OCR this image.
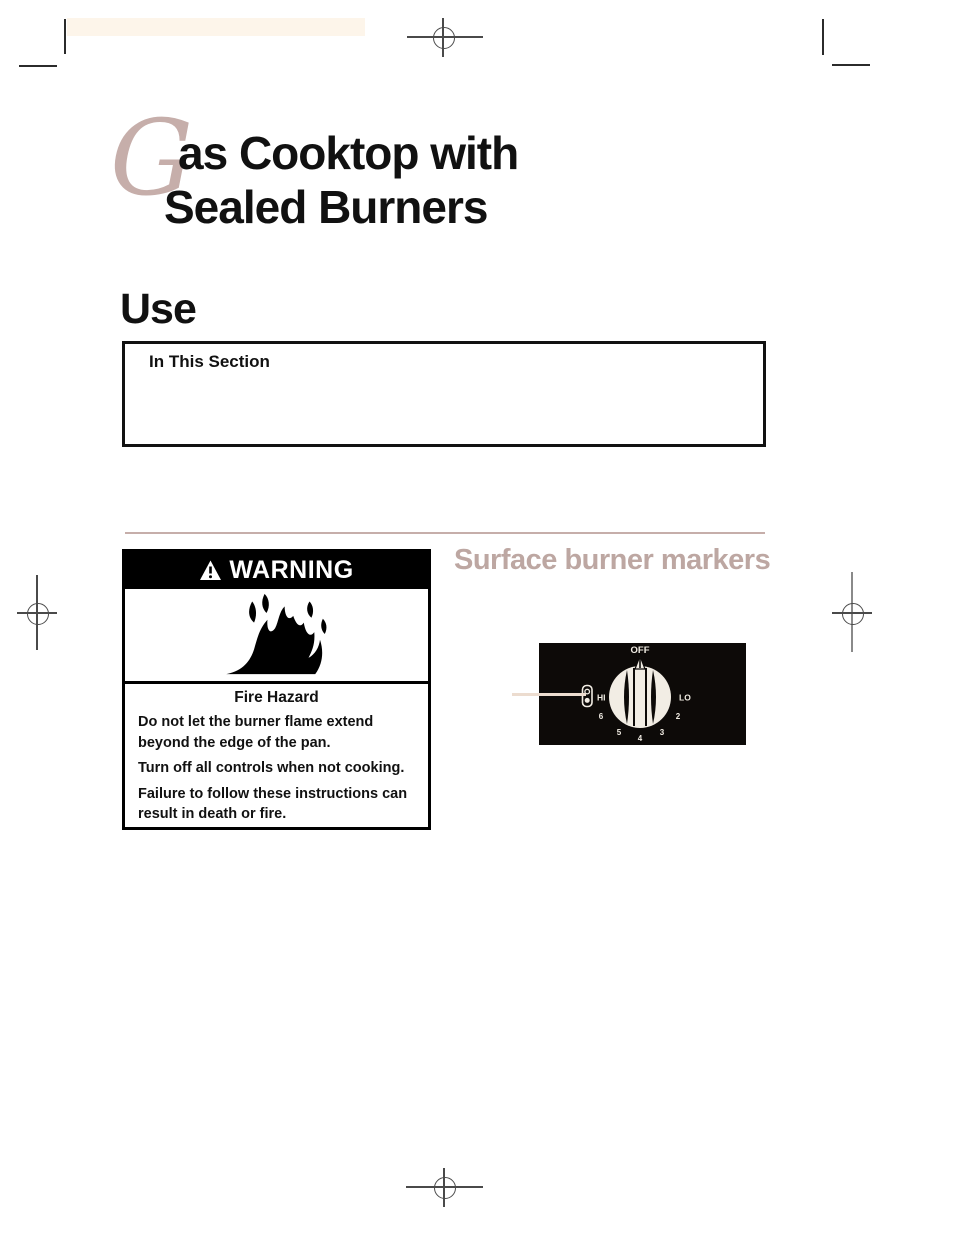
G
as Cooktop with
Sealed Burners
Use
In This Section
Surface burner markers
WARNING
Fire Hazard

Do not let the burner flame extend beyond the edge of the pan.

Turn off all controls when not cooking.

Failure to follow these instructions can result in death or fire.

OFF
HI	LO
6
5
4
3
2
